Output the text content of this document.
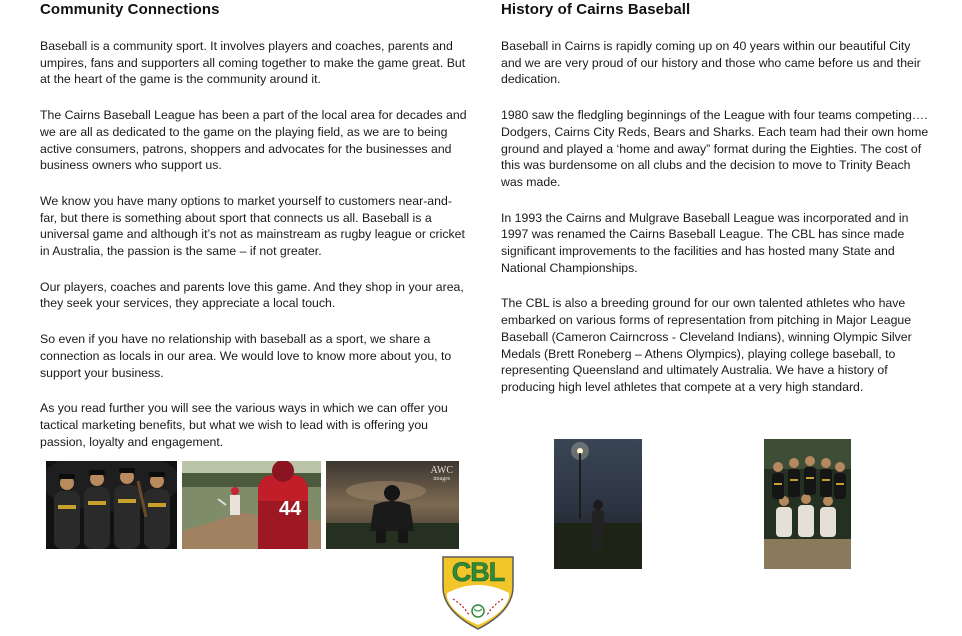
Community Connections

Baseball is a community sport. It involves players and coaches, parents and umpires, fans and supporters all coming together to make the game great. But at the heart of the game is the community around it.

The Cairns Baseball League has been a part of the local area for decades and we are all as dedicated to the game on the playing field, as we are to being active consumers, patrons, shoppers and advocates for the businesses and business owners who support us.

We know you have many options to market yourself to customers near-and-far, but there is something about sport that connects us all. Baseball is a universal game and although it’s not as mainstream as rugby league or cricket in Australia, the passion is the same – if not greater.

Our players, coaches and parents love this game. And they shop in your area, they seek your services, they appreciate a local touch.

So even if you have no relationship with baseball as a sport, we share a connection as locals in our area. We would love to know more about you, to support your business.

As you read further you will see the various ways in which we can offer you tactical marketing benefits, but what we wish to lead with is offering you passion, loyalty and engagement.

History of Cairns Baseball

Baseball in Cairns is rapidly coming up on 40 years within our beautiful City and we are very proud of our history and those who came before us and their dedication.

1980 saw the fledgling beginnings of the League with four teams competing…. Dodgers, Cairns City Reds, Bears and Sharks. Each team had their own home ground and played a ‘home and away” format during the Eighties. The cost of this was burdensome on all clubs and the decision to move to Trinity Beach was made.

In 1993 the Cairns and Mulgrave Baseball League was incorporated and in 1997 was renamed the Cairns Baseball League. The CBL has since made significant improvements to the facilities and has hosted many State and National Championships.

The CBL is also a breeding ground for our own talented athletes who have embarked on various forms of representation from pitching in Major League Baseball (Cameron Cairncross - Cleveland Indians), winning Olympic Silver Medals (Brett Roneberg – Athens Olympics), playing college baseball, to representing Queensland and ultimately Australia. We have a history of producing high level athletes that compete at a very high standard.

44
AWC
images
CBL
